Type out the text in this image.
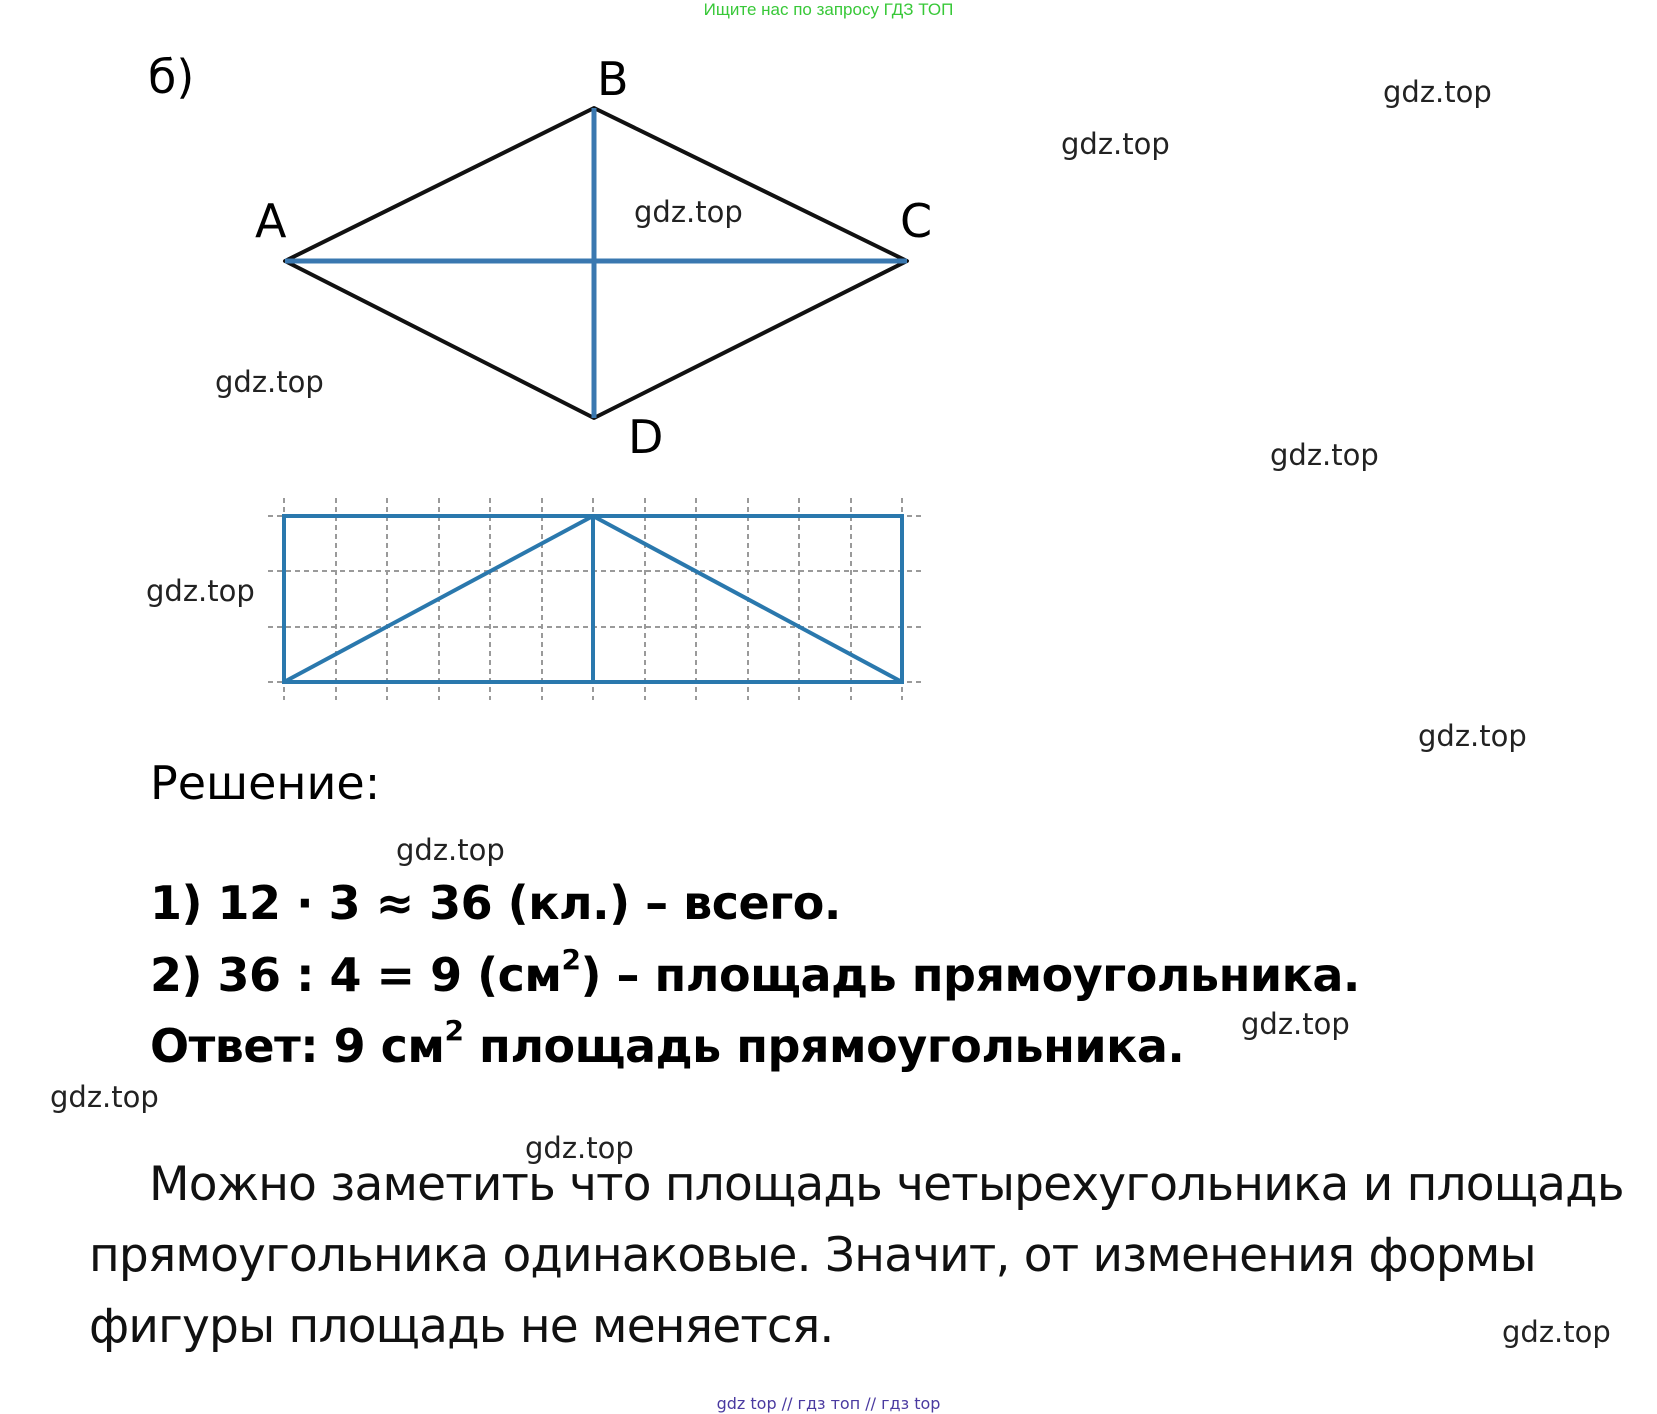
Ищите нас по запросу ГДЗ ТОП
б)
A
B
C
D
gdz.top
gdz.top
gdz.top
gdz.top
gdz.top
gdz.top
gdz.top
gdz.top
gdz.top
gdz.top
gdz.top
gdz.top
Решение:
1) 12 · 3 ≈ 36 (кл.) – всего.
2) 36 : 4 = 9 $(см^2)$ – площадь прямоугольника.
Ответ: 9 $см^2$ площадь прямоугольника.
Можно заметить что площадь четырехугольника и площадь
прямоугольника одинаковые. Значит, от изменения формы
фигуры площадь не меняется.
gdz top // гдз топ // гдз top
